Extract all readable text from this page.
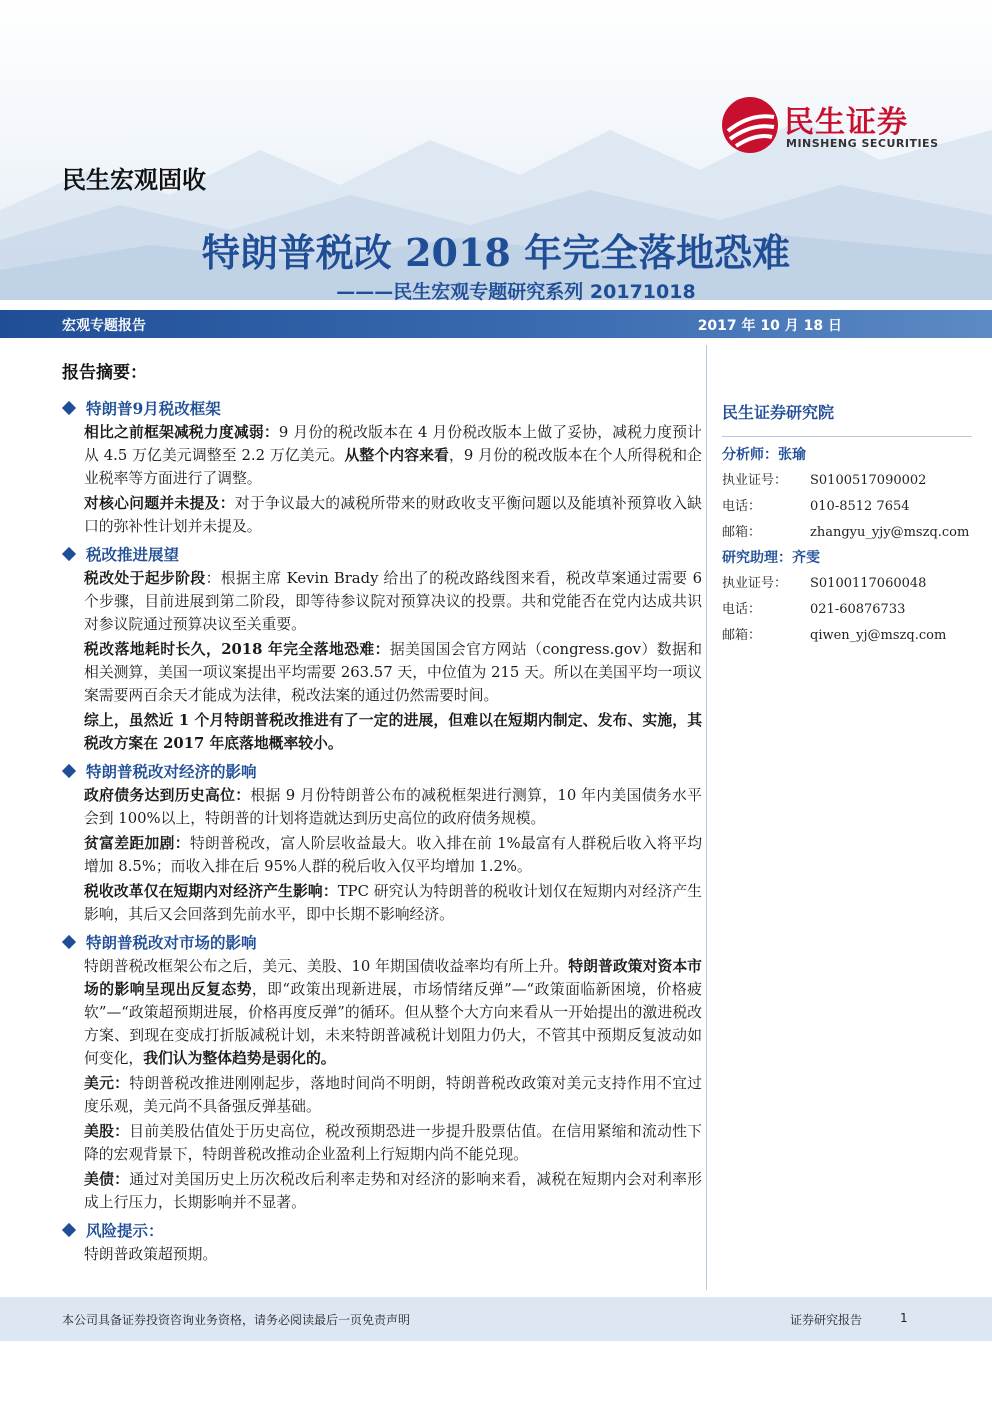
民生证券
MINSHENG SECURITIES
民生宏观固收
特朗普税改 2018 年完全落地恐难
———民生宏观专题研究系列 20171018
宏观专题报告	2017 年 10 月 18 日
报告摘要：
特朗普9月税改框架
相比之前框架减税力度减弱：9 月份的税改版本在 4 月份税改版本上做了妥协，减税力度预计从 4.5 万亿美元调整至 2.2 万亿美元。从整个内容来看，9 月份的税改版本在个人所得税和企业税率等方面进行了调整。
对核心问题并未提及：对于争议最大的减税所带来的财政收支平衡问题以及能填补预算收入缺口的弥补性计划并未提及。
税改推进展望
税改处于起步阶段：根据主席 Kevin Brady 给出了的税改路线图来看，税改草案通过需要 6 个步骤，目前进展到第二阶段，即等待参议院对预算决议的投票。共和党能否在党内达成共识对参议院通过预算决议至关重要。
税改落地耗时长久，2018 年完全落地恐难：据美国国会官方网站（congress.gov）数据和相关测算，美国一项议案提出平均需要 263.57 天，中位值为 215 天。所以在美国平均一项议案需要两百余天才能成为法律，税改法案的通过仍然需要时间。
综上，虽然近 1 个月特朗普税改推进有了一定的进展，但难以在短期内制定、发布、实施，其税改方案在 2017 年底落地概率较小。
特朗普税改对经济的影响
政府债务达到历史高位：根据 9 月份特朗普公布的减税框架进行测算，10 年内美国债务水平会到 100%以上，特朗普的计划将造就达到历史高位的政府债务规模。
贫富差距加剧：特朗普税改，富人阶层收益最大。收入排在前 1%最富有人群税后收入将平均增加 8.5%；而收入排在后 95%人群的税后收入仅平均增加 1.2%。
税收改革仅在短期内对经济产生影响：TPC 研究认为特朗普的税收计划仅在短期内对经济产生影响，其后又会回落到先前水平，即中长期不影响经济。
特朗普税改对市场的影响
特朗普税改框架公布之后，美元、美股、10 年期国债收益率均有所上升。特朗普政策对资本市场的影响呈现出反复态势，即“政策出现新进展，市场情绪反弹”—“政策面临新困境，价格疲软”—“政策超预期进展，价格再度反弹”的循环。但从整个大方向来看从一开始提出的激进税改方案、到现在变成打折版减税计划，未来特朗普减税计划阻力仍大，不管其中预期反复波动如何变化，我们认为整体趋势是弱化的。
美元：特朗普税改推进刚刚起步，落地时间尚不明朗，特朗普税改政策对美元支持作用不宜过度乐观，美元尚不具备强反弹基础。
美股：目前美股估值处于历史高位，税改预期恐进一步提升股票估值。在信用紧缩和流动性下降的宏观背景下，特朗普税改推动企业盈利上行短期内尚不能兑现。
美债：通过对美国历史上历次税改后利率走势和对经济的影响来看，减税在短期内会对利率形成上行压力，长期影响并不显著。
风险提示：
特朗普政策超预期。
民生证券研究院
分析师：张瑜
执业证号：	S0100517090002
电话：	010-8512 7654
邮箱：	zhangyu_yjy@mszq.com
研究助理：齐雯
执业证号：	S0100117060048
电话：	021-60876733
邮箱：	qiwen_yj@mszq.com
本公司具备证券投资咨询业务资格，请务必阅读最后一页免责声明	证券研究报告	1
